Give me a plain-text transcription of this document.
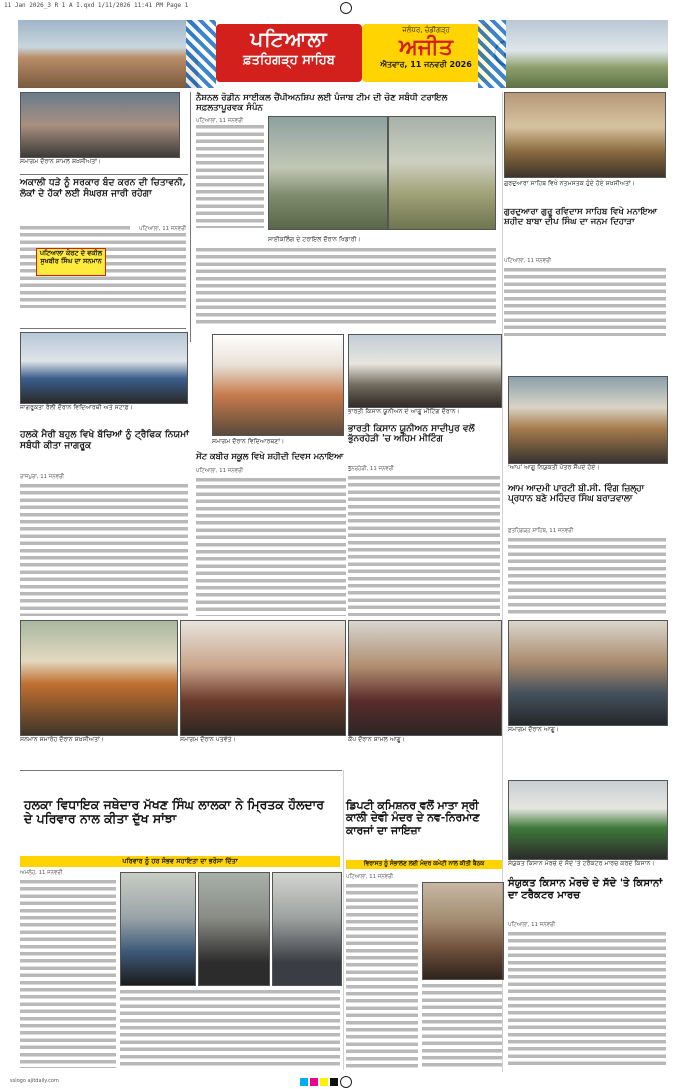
11 Jan 2026_3 R 1 A I.qxd 1/11/2026 11:41 PM Page 1
sslogo ajitdaily.com
ਪਟਿਆਲਾ
ਫ਼ਤਹਿਗੜ੍ਹ ਸਾਹਿਬ
ਜਲੰਧਰ, ਚੰਡੀਗੜ੍ਹ
ਅਜੀਤ
ਐਤਵਾਰ, 11 ਜਨਵਰੀ 2026
ਸਮਾਗਮ ਦੌਰਾਨ ਸ਼ਾਮਲ ਸ਼ਖ਼ਸੀਅਤਾਂ।
ਅਕਾਲੀ ਧੜੇ ਨੂੰ ਸਰਕਾਰ ਬੰਦ ਕਰਨ ਦੀ ਚਿਤਾਵਨੀ, ਲੋਕਾਂ ਦੇ ਹੱਕਾਂ ਲਈ ਸੰਘਰਸ਼ ਜਾਰੀ ਰਹੇਗਾ
ਪਟਿਆਲਾ ਕੋਰਟ ਦੇ ਵਕੀਲ ਸੁਖਬੀਰ ਸਿੰਘ ਦਾ ਸਨਮਾਨ
ਪਟਿਆਲਾ, 11 ਜਨਵਰੀ
ਨੈਸ਼ਨਲ ਰੋਡੀਨ ਸਾਈਕਲ ਚੈਂਪੀਅਨਸ਼ਿਪ ਲਈ ਪੰਜਾਬ ਟੀਮ ਦੀ ਚੋਣ ਸਬੰਧੀ ਟਰਾਇਲ ਸਫ਼ਲਤਾਪੂਰਵਕ ਸੰਪੰਨ
ਪਟਿਆਲਾ, 11 ਜਨਵਰੀ
ਸਾਈਕਲਿੰਗ ਦੇ ਟਰਾਇਲ ਦੌਰਾਨ ਖਿਡਾਰੀ।
ਗੁਰਦੁਆਰਾ ਸਾਹਿਬ ਵਿਖੇ ਨਤਮਸਤਕ ਹੁੰਦੇ ਹੋਏ ਸ਼ਖ਼ਸੀਅਤਾਂ।
ਗੁਰਦੁਆਰਾ ਗੁਰੂ ਰਵਿਦਾਸ ਸਾਹਿਬ ਵਿਖੇ ਮਨਾਇਆ ਸ਼ਹੀਦ ਬਾਬਾ ਦੀਪ ਸਿੰਘ ਦਾ ਜਨਮ ਦਿਹਾੜਾ
ਪਟਿਆਲਾ, 11 ਜਨਵਰੀ
ਜਾਗਰੂਕਤਾ ਰੈਲੀ ਦੌਰਾਨ ਵਿਦਿਆਰਥੀ ਅਤੇ ਸਟਾਫ਼।
ਹਲਕੇ ਮੈਰੀ ਬਹੁਲ ਵਿਖੇ ਬੱਚਿਆਂ ਨੂੰ ਟ੍ਰੈਫਿਕ ਨਿਯਮਾਂ ਸਬੰਧੀ ਕੀਤਾ ਜਾਗਰੂਕ
ਰਾਜਪੁਰਾ, 11 ਜਨਵਰੀ
ਸਮਾਗਮ ਦੌਰਾਨ ਵਿਦਿਆਰਥਣਾਂ।
ਸੇਂਟ ਕਬੀਰ ਸਕੂਲ ਵਿਖੇ ਸ਼ਹੀਦੀ ਦਿਵਸ ਮਨਾਇਆ
ਪਟਿਆਲਾ, 11 ਜਨਵਰੀ
ਭਾਰਤੀ ਕਿਸਾਨ ਯੂਨੀਅਨ ਦੇ ਆਗੂ ਮੀਟਿੰਗ ਦੌਰਾਨ।
ਭਾਰਤੀ ਕਿਸਾਨ ਯੂਨੀਅਨ ਸਾਦੀਪੁਰ ਵਲੋਂ ਭੁੱਨਰਹੇੜੀ 'ਚ ਅਹਿਮ ਮੀਟਿੰਗ
ਭੁੱਨਰਹੇੜੀ, 11 ਜਨਵਰੀ	'ਆਪ' ਆਗੂ ਨਿਯੁਕਤੀ ਪੱਤਰ ਸੌਂਪਦੇ ਹੋਏ।
ਆਮ ਆਦਮੀ ਪਾਰਟੀ ਬੀ.ਸੀ. ਵਿੰਗ ਜ਼ਿਲ੍ਹਾ ਪ੍ਰਧਾਨ ਬਣੇ ਮਹਿੰਦਰ ਸਿੰਘ ਬਰਾੜਵਾਲਾ
ਫ਼ਤਹਿਗੜ੍ਹ ਸਾਹਿਬ, 11 ਜਨਵਰੀ
ਸਨਮਾਨ ਸਮਾਰੋਹ ਦੌਰਾਨ ਸ਼ਖ਼ਸੀਅਤਾਂ।	ਸਮਾਗਮ ਦੌਰਾਨ ਪਤਵੰਤੇ।	ਕੈਂਪ ਦੌਰਾਨ ਸ਼ਾਮਲ ਆਗੂ।
ਸਮਾਗਮ ਦੌਰਾਨ ਆਗੂ।
ਹਲਕਾ ਵਿਧਾਇਕ ਜਥੇਦਾਰ ਮੱਖਣ ਸਿੰਘ ਲਾਲਕਾ ਨੇ ਮ੍ਰਿਤਕ ਹੌਲਦਾਰ ਦੇ ਪਰਿਵਾਰ ਨਾਲ ਕੀਤਾ ਦੁੱਖ ਸਾਂਝਾ
ਪਰਿਵਾਰ ਨੂੰ ਹਰ ਸੰਭਵ ਸਹਾਇਤਾ ਦਾ ਭਰੋਸਾ ਦਿੱਤਾ
ਅਮਲੋਹ, 11 ਜਨਵਰੀ
ਡਿਪਟੀ ਕਮਿਸ਼ਨਰ ਵਲੋਂ ਮਾਤਾ ਸ੍ਰੀ ਕਾਲੀ ਦੇਵੀ ਮੰਦਰ ਦੇ ਨਵ-ਨਿਰਮਾਣ ਕਾਰਜਾਂ ਦਾ ਜਾਇਜ਼ਾ
ਵਿਰਾਸਤ ਨੂੰ ਸੰਭਾਲਣ ਲਈ ਮੰਦਰ ਕਮੇਟੀ ਨਾਲ ਕੀਤੀ ਬੈਠਕ
ਪਟਿਆਲਾ, 11 ਜਨਵਰੀ
ਸੰਯੁਕਤ ਕਿਸਾਨ ਮੋਰਚੇ ਦੇ ਸੱਦੇ 'ਤੇ ਟਰੈਕਟਰ ਮਾਰਚ ਕਰਦੇ ਕਿਸਾਨ।
ਸੰਯੁਕਤ ਕਿਸਾਨ ਮੋਰਚੇ ਦੇ ਸੱਦੇ 'ਤੇ ਕਿਸਾਨਾਂ ਦਾ ਟਰੈਕਟਰ ਮਾਰਚ
ਪਟਿਆਲਾ, 11 ਜਨਵਰੀ
